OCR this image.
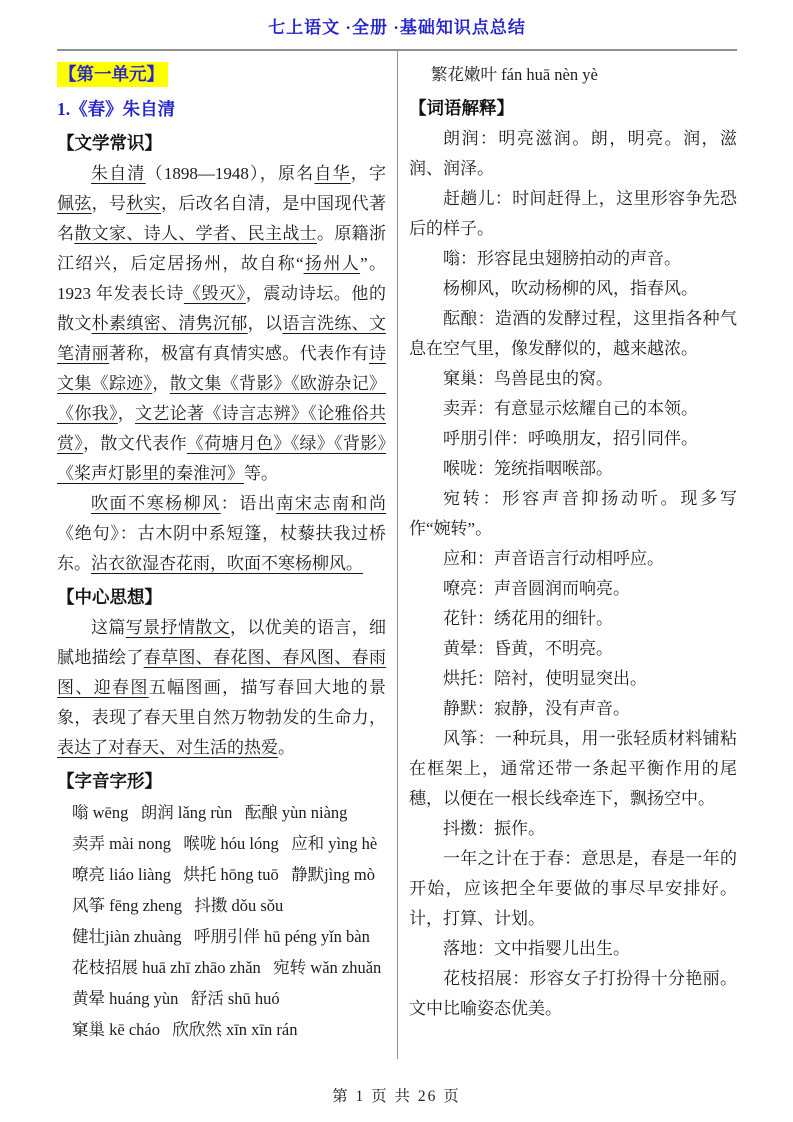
七上语文 ·全册 ·基础知识点总结
【第一单元】
1.《春》朱自清
【文学常识】

朱自清（1898—1948），原名自华，字佩弦，号秋实，后改名自清，是中国现代著名散文家、诗人、学者、民主战士。原籍浙江绍兴，后定居扬州，故自称“扬州人”。1923 年发表长诗《毁灭》，震动诗坛。他的散文朴素缜密、清隽沉郁，以语言洗练、文笔清丽著称，极富有真情实感。代表作有诗文集《踪迹》，散文集《背影》《欧游杂记》《你我》，文艺论著《诗言志辨》《论雅俗共赏》，散文代表作《荷塘月色》《绿》《背影》《桨声灯影里的秦淮河》等。

吹面不寒杨柳风：语出南宋志南和尚《绝句》：古木阴中系短篷，杖藜扶我过桥东。沾衣欲湿杏花雨，吹面不寒杨柳风。

【中心思想】

这篇写景抒情散文，以优美的语言，细腻地描绘了春草图、春花图、春风图、春雨图、迎春图五幅图画，描写春回大地的景象，表现了春天里自然万物勃发的生命力，表达了对春天、对生活的热爱。

【字音字形】
嗡 wēng   朗润 lǎng rùn   酝酿 yùn niàng
卖弄 mài nong   喉咙 hóu lóng   应和 yìng hè
嘹亮 liáo liàng   烘托 hōng tuō   静默jìng mò
风筝 fēng zheng   抖擞 dǒu sǒu
健壮jiàn zhuàng   呼朋引伴 hū péng yǐn bàn
花枝招展 huā zhī zhāo zhǎn   宛转 wǎn zhuǎn
黄晕 huáng yùn   舒活 shū huó
窠巢 kē cháo   欣欣然 xīn xīn rán
繁花嫩叶 fán huā nèn yè
【词语解释】
朗润：明亮滋润。朗，明亮。润，滋润、润泽。
赶趟儿：时间赶得上，这里形容争先恐后的样子。
嗡：形容昆虫翅膀拍动的声音。
杨柳风，吹动杨柳的风，指春风。
酝酿：造酒的发酵过程，这里指各种气息在空气里，像发酵似的，越来越浓。
窠巢：鸟兽昆虫的窝。
卖弄：有意显示炫耀自己的本领。
呼朋引伴：呼唤朋友，招引同伴。
喉咙：笼统指咽喉部。
宛转：形容声音抑扬动听。现多写作“婉转”。
应和：声音语言行动相呼应。
嘹亮：声音圆润而响亮。
花针：绣花用的细针。
黄晕：昏黄，不明亮。
烘托：陪衬，使明显突出。
静默：寂静，没有声音。
风筝：一种玩具，用一张轻质材料铺粘在框架上，通常还带一条起平衡作用的尾穗，以便在一根长线牵连下，飘扬空中。
抖擞：振作。
一年之计在于春：意思是，春是一年的开始，应该把全年要做的事尽早安排好。计，打算、计划。
落地：文中指婴儿出生。
花枝招展：形容女子打扮得十分艳丽。文中比喻姿态优美。
第 1 页 共 26 页
